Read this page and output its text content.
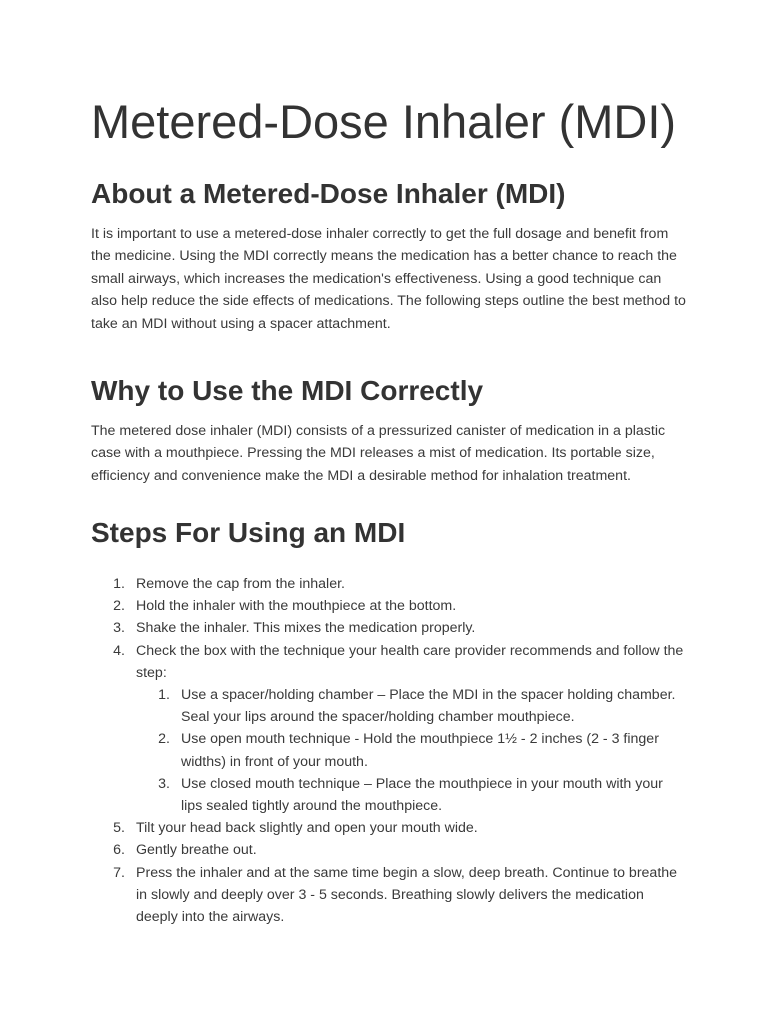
Metered-Dose Inhaler (MDI)
About a Metered-Dose Inhaler (MDI)

It is important to use a metered-dose inhaler correctly to get the full dosage and benefit from the medicine. Using the MDI correctly means the medication has a better chance to reach the small airways, which increases the medication's effectiveness. Using a good technique can also help reduce the side effects of medications. The following steps outline the best method to take an MDI without using a spacer attachment.

Why to Use the MDI Correctly

The metered dose inhaler (MDI) consists of a pressurized canister of medication in a plastic case with a mouthpiece. Pressing the MDI releases a mist of medication. Its portable size, efficiency and convenience make the MDI a desirable method for inhalation treatment.

Steps For Using an MDI
1. Remove the cap from the inhaler.
2. Hold the inhaler with the mouthpiece at the bottom.
3. Shake the inhaler. This mixes the medication properly.
4. Check the box with the technique your health care provider recommends and follow the step:
1. Use a spacer/holding chamber – Place the MDI in the spacer holding chamber. Seal your lips around the spacer/holding chamber mouthpiece.
2. Use open mouth technique - Hold the mouthpiece 1½ - 2 inches (2 - 3 finger widths) in front of your mouth.
3. Use closed mouth technique – Place the mouthpiece in your mouth with your lips sealed tightly around the mouthpiece.
5. Tilt your head back slightly and open your mouth wide.
6. Gently breathe out.
7. Press the inhaler and at the same time begin a slow, deep breath. Continue to breathe in slowly and deeply over 3 - 5 seconds. Breathing slowly delivers the medication deeply into the airways.
